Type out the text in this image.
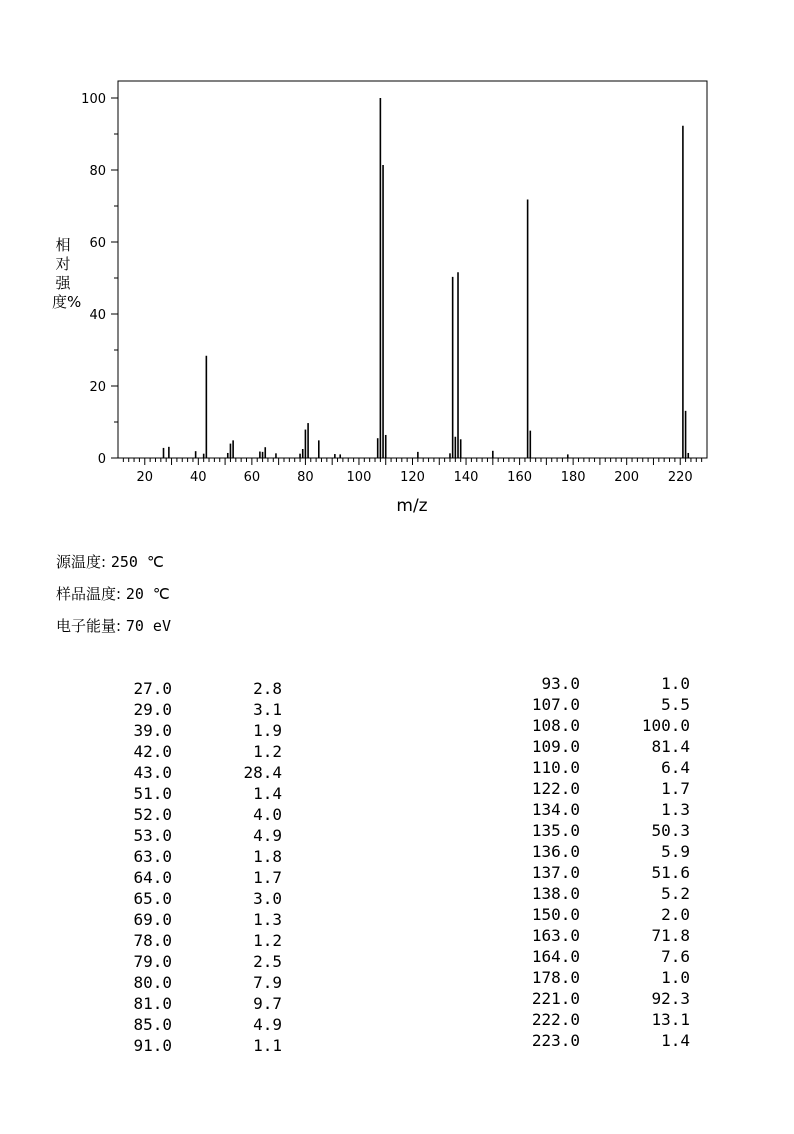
20	40	60	80	100 120 140 160 180 200 220
0
20
40
60
80
100
m/z
相对强度%
源温度: 250 ℃
样品温度: 20 ℃
电子能量: 70 eV
27.0	2.8
29.0	3.1
39.0	1.9
42.0	1.2
43.0	28.4
51.0	1.4
52.0	4.0
53.0	4.9
63.0	1.8
64.0	1.7
65.0	3.0
69.0	1.3
78.0	1.2
79.0	2.5
80.0	7.9
81.0	9.7
85.0	4.9
91.0	1.1
93.0	1.0
107.0	5.5
108.0	100.0
109.0	81.4
110.0	6.4
122.0	1.7
134.0	1.3
135.0	50.3
136.0	5.9
137.0	51.6
138.0	5.2
150.0	2.0
163.0	71.8
164.0	7.6
178.0	1.0
221.0	92.3
222.0	13.1
223.0	1.4
